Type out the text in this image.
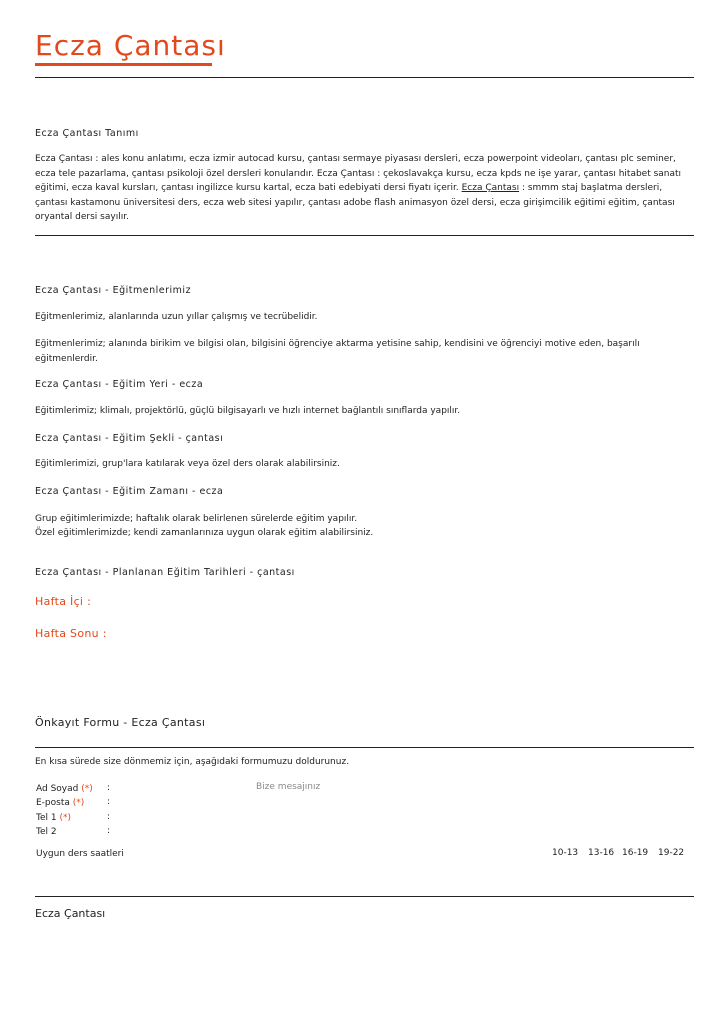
Ecza Çantası
Ecza Çantası Tanımı
Ecza Çantası : ales konu anlatımı, ecza izmir autocad kursu, çantası sermaye piyasası dersleri, ecza powerpoint videoları, çantası plc seminer, ecza tele pazarlama, çantası psikoloji özel dersleri konularıdır. Ecza Çantası : çekoslavakça kursu, ecza kpds ne işe yarar, çantası hitabet sanatı eğitimi, ecza kaval kursları, çantası ingilizce kursu kartal, ecza bati edebiyati dersi fiyatı içerir. Ecza Çantası : smmm staj başlatma dersleri, çantası kastamonu üniversitesi ders, ecza web sitesi yapılır, çantası adobe flash animasyon özel dersi, ecza girişimcilik eğitimi eğitim, çantası oryantal dersi sayılır.
Ecza Çantası - Eğitmenlerimiz
Eğitmenlerimiz, alanlarında uzun yıllar çalışmış ve tecrübelidir.
Eğitmenlerimiz; alanında birikim ve bilgisi olan, bilgisini öğrenciye aktarma yetisine sahip, kendisini ve öğrenciyi motive eden, başarılı eğitmenlerdir.
Ecza Çantası - Eğitim Yeri - ecza
Eğitimlerimiz; klimalı, projektörlü, güçlü bilgisayarlı ve hızlı internet bağlantılı sınıflarda yapılır.
Ecza Çantası - Eğitim Şekli - çantası
Eğitimlerimizi, grup'lara katılarak veya özel ders olarak alabilirsiniz.
Ecza Çantası - Eğitim Zamanı - ecza
Grup eğitimlerimizde; haftalık olarak belirlenen sürelerde eğitim yapılır.
Özel eğitimlerimizde; kendi zamanlarınıza uygun olarak eğitim alabilirsiniz.
Ecza Çantası - Planlanan Eğitim Tarihleri - çantası
Hafta İçi :
Hafta Sonu :
Önkayıt Formu - Ecza Çantası
En kısa sürede size dönmemiz için, aşağıdaki formumuzu doldurunuz.
Ad Soyad (*)	:
E-posta (*)	:
Tel 1 (*)	:
Tel 2	:
Bize mesajınız
Uygun ders saatleri	10-13 13-16 16-19 19-22
Ecza Çantası
